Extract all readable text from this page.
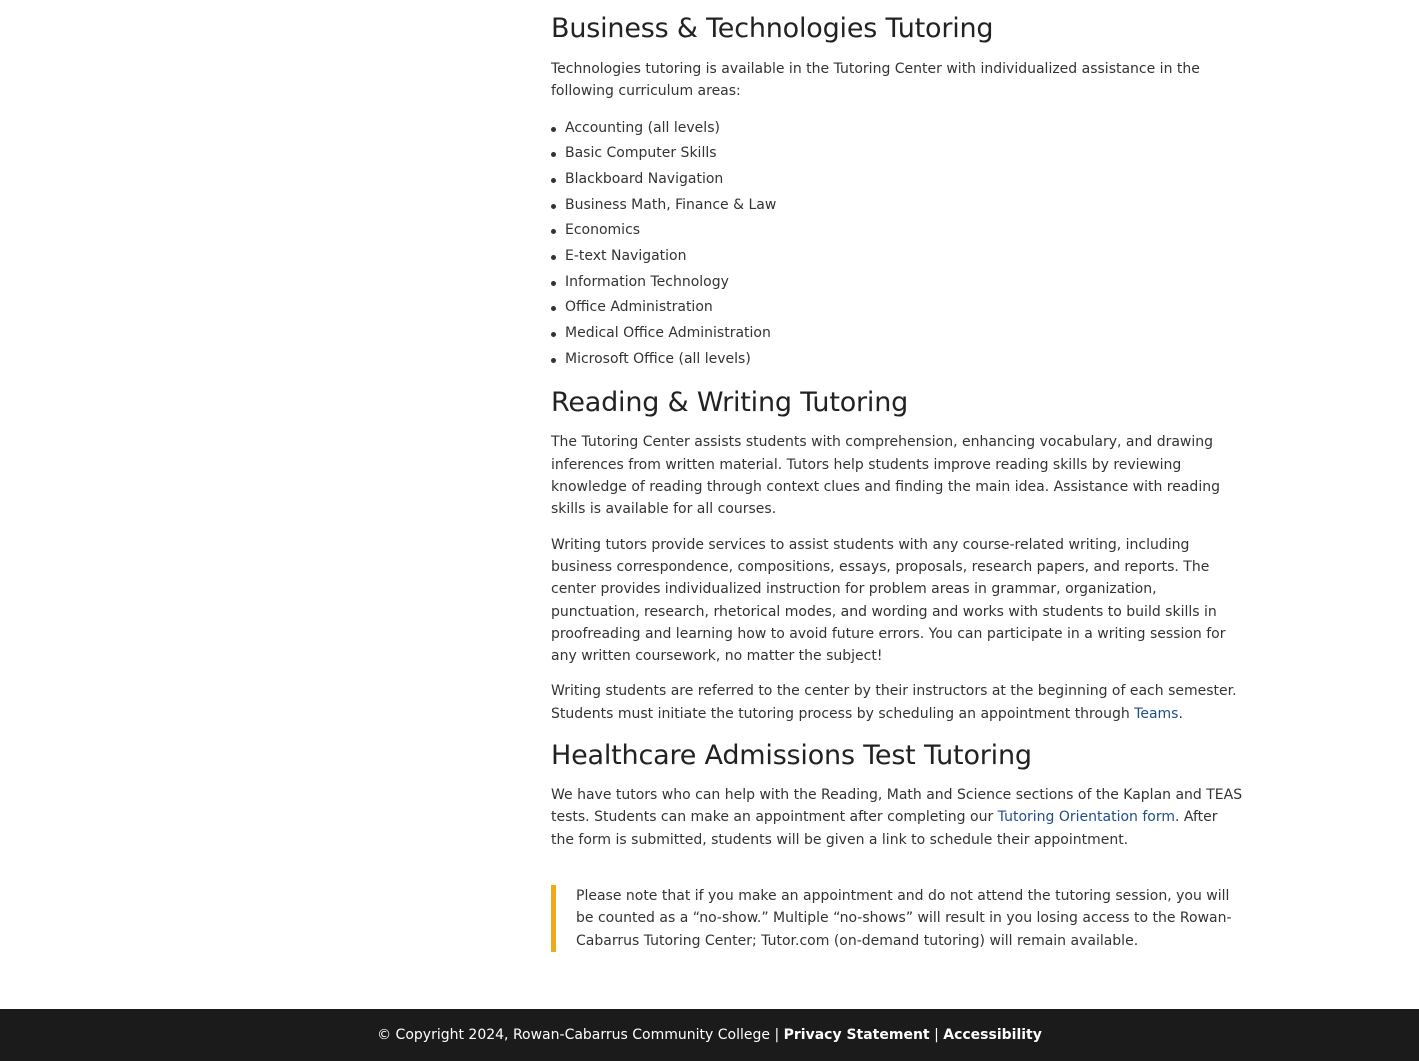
Business & Technologies Tutoring

Technologies tutoring is available in the Tutoring Center with individualized assistance in the following curriculum areas:

Accounting (all levels)
Basic Computer Skills
Blackboard Navigation
Business Math, Finance & Law
Economics
E-text Navigation
Information Technology
Office Administration
Medical Office Administration
Microsoft Office (all levels)
Reading & Writing Tutoring

The Tutoring Center assists students with comprehension, enhancing vocabulary, and drawing inferences from written material. Tutors help students improve reading skills by reviewing knowledge of reading through context clues and finding the main idea. Assistance with reading skills is available for all courses.

Writing tutors provide services to assist students with any course-related writing, including business correspondence, compositions, essays, proposals, research papers, and reports. The center provides individualized instruction for problem areas in grammar, organization, punctuation, research, rhetorical modes, and wording and works with students to build skills in proofreading and learning how to avoid future errors. You can participate in a writing session for any written coursework, no matter the subject!

Writing students are referred to the center by their instructors at the beginning of each semester. Students must initiate the tutoring process by scheduling an appointment through Teams.

Healthcare Admissions Test Tutoring

We have tutors who can help with the Reading, Math and Science sections of the Kaplan and TEAS tests. Students can make an appointment after completing our Tutoring Orientation form. After the form is submitted, students will be given a link to schedule their appointment.

Please note that if you make an appointment and do not attend the tutoring session, you will be counted as a “no-show.” Multiple “no-shows” will result in you losing access to the Rowan-Cabarrus Tutoring Center; Tutor.com (on-demand tutoring) will remain available.

© Copyright 2024, Rowan-Cabarrus Community College | Privacy Statement | Accessibility
